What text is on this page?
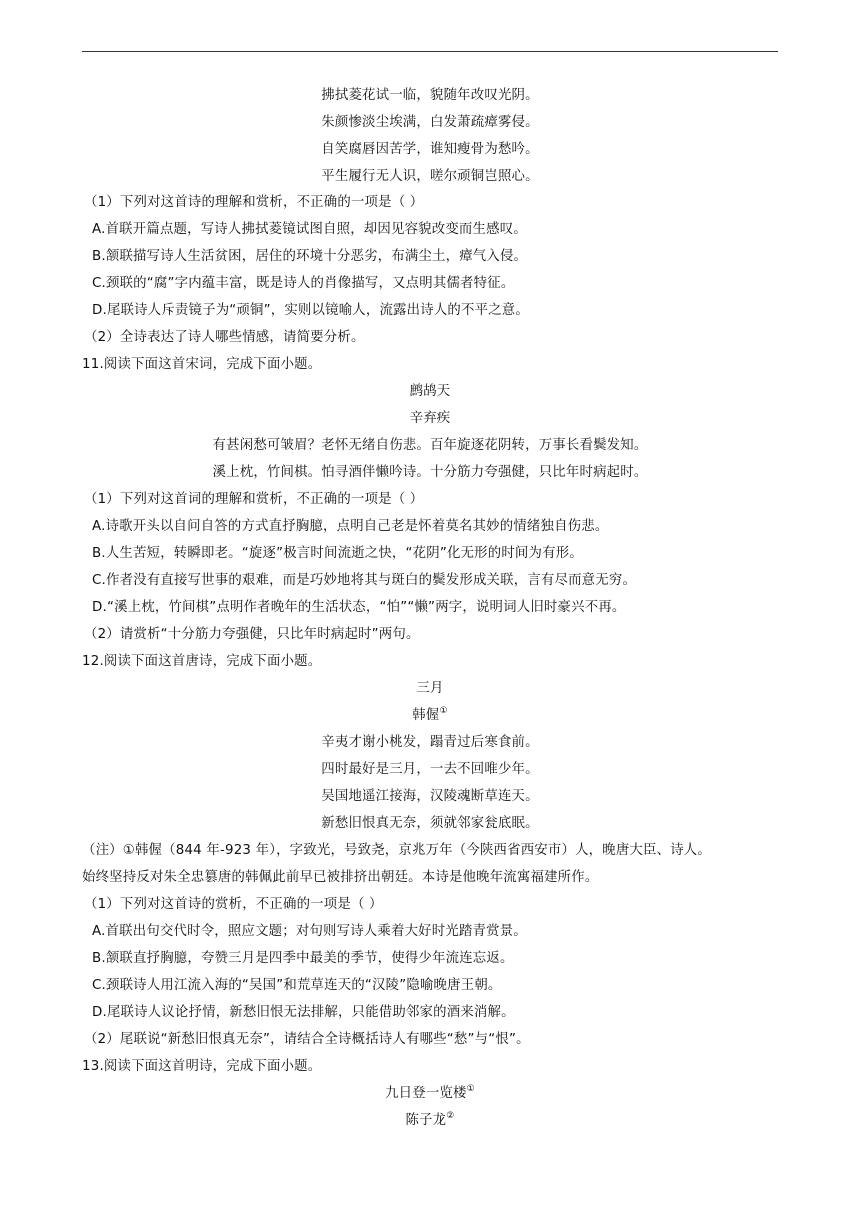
拂拭菱花试一临，貌随年改叹光阴。
朱颜惨淡尘埃满，白发萧疏瘴雾侵。
自笑腐唇因苦学，谁知瘦骨为愁吟。
平生履行无人识，嗟尔顽铜岂照心。
（1）下列对这首诗的理解和赏析，不正确的一项是（ ）
A.首联开篇点题，写诗人拂拭菱镜试图自照，却因见容貌改变而生感叹。
B.颔联描写诗人生活贫困，居住的环境十分恶劣，布满尘土，瘴气入侵。
C.颈联的“腐”字内蕴丰富，既是诗人的肖像描写，又点明其儒者特征。
D.尾联诗人斥责镜子为“顽铜”，实则以镜喻人，流露出诗人的不平之意。
（2）全诗表达了诗人哪些情感，请简要分析。
11.阅读下面这首宋词，完成下面小题。
鹧鸪天
辛弃疾
有甚闲愁可皱眉？老怀无绪自伤悲。百年旋逐花阴转，万事长看鬓发知。
溪上枕，竹间棋。怕寻酒伴懒吟诗。十分筋力夸强健，只比年时病起时。
（1）下列对这首词的理解和赏析，不正确的一项是（ ）
A.诗歌开头以自问自答的方式直抒胸臆，点明自己老是怀着莫名其妙的情绪独自伤悲。
B.人生苦短，转瞬即老。“旋逐”极言时间流逝之快，“花阴”化无形的时间为有形。
C.作者没有直接写世事的艰难，而是巧妙地将其与斑白的鬓发形成关联，言有尽而意无穷。
D.“溪上枕，竹间棋”点明作者晚年的生活状态，“怕”“懒”两字，说明词人旧时豪兴不再。
（2）请赏析“十分筋力夸强健，只比年时病起时”两句。
12.阅读下面这首唐诗，完成下面小题。
三月
韩偓①
辛夷才谢小桃发，蹋青过后寒食前。
四时最好是三月，一去不回唯少年。
吴国地遥江接海，汉陵魂断草连天。
新愁旧恨真无奈，须就邻家瓮底眠。
（注）①韩偓（844 年-923 年），字致光，号致尧，京兆万年（今陕西省西安市）人，晚唐大臣、诗人。
始终坚持反对朱全忠篡唐的韩佩此前早已被排挤出朝廷。本诗是他晚年流寓福建所作。
（1）下列对这首诗的赏析，不正确的一项是（ ）
A.首联出句交代时令，照应文题；对句则写诗人乘着大好时光踏青赏景。
B.颔联直抒胸臆，夸赞三月是四季中最美的季节，使得少年流连忘返。
C.颈联诗人用江流入海的“吴国”和荒草连天的“汉陵”隐喻晚唐王朝。
D.尾联诗人议论抒情，新愁旧恨无法排解，只能借助邻家的酒来消解。
（2）尾联说“新愁旧恨真无奈”，请结合全诗概括诗人有哪些“愁”与“恨”。
13.阅读下面这首明诗，完成下面小题。
九日登一览楼①
陈子龙②
